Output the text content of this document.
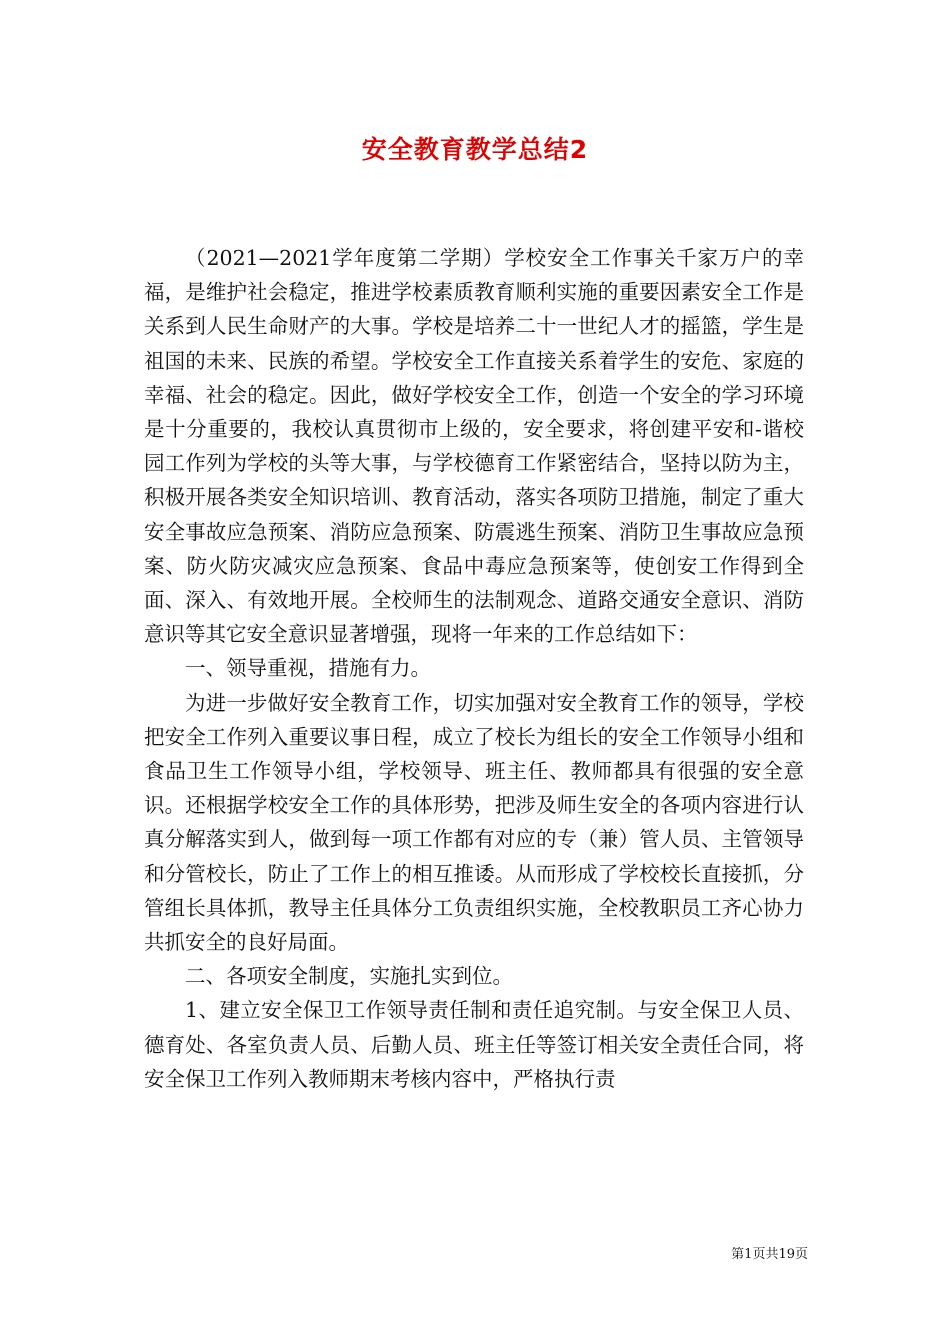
安全教育教学总结2

（2021—2021学年度第二学期）学校安全工作事关千家万户的幸福，是维护社会稳定，推进学校素质教育顺利实施的重要因素安全工作是关系到人民生命财产的大事。学校是培养二十一世纪人才的摇篮，学生是祖国的未来、民族的希望。学校安全工作直接关系着学生的安危、家庭的幸福、社会的稳定。因此，做好学校安全工作，创造一个安全的学习环境是十分重要的，我校认真贯彻市上级的，安全要求，将创建平安和-谐校园工作列为学校的头等大事，与学校德育工作紧密结合，坚持以防为主，积极开展各类安全知识培训、教育活动，落实各项防卫措施，制定了重大安全事故应急预案、消防应急预案、防震逃生预案、消防卫生事故应急预案、防火防灾减灾应急预案、食品中毒应急预案等，使创安工作得到全面、深入、有效地开展。全校师生的法制观念、道路交通安全意识、消防意识等其它安全意识显著增强，现将一年来的工作总结如下：

一、领导重视，措施有力。

为进一步做好安全教育工作，切实加强对安全教育工作的领导，学校把安全工作列入重要议事日程，成立了校长为组长的安全工作领导小组和食品卫生工作领导小组，学校领导、班主任、教师都具有很强的安全意识。还根据学校安全工作的具体形势，把涉及师生安全的各项内容进行认真分解落实到人，做到每一项工作都有对应的专（兼）管人员、主管领导和分管校长，防止了工作上的相互推诿。从而形成了学校校长直接抓，分管组长具体抓，教导主任具体分工负责组织实施，全校教职员工齐心协力共抓安全的良好局面。

二、各项安全制度，实施扎实到位。

1、建立安全保卫工作领导责任制和责任追究制。与安全保卫人员、德育处、各室负责人员、后勤人员、班主任等签订相关安全责任合同，将安全保卫工作列入教师期末考核内容中，严格执行责

第1页共19页
